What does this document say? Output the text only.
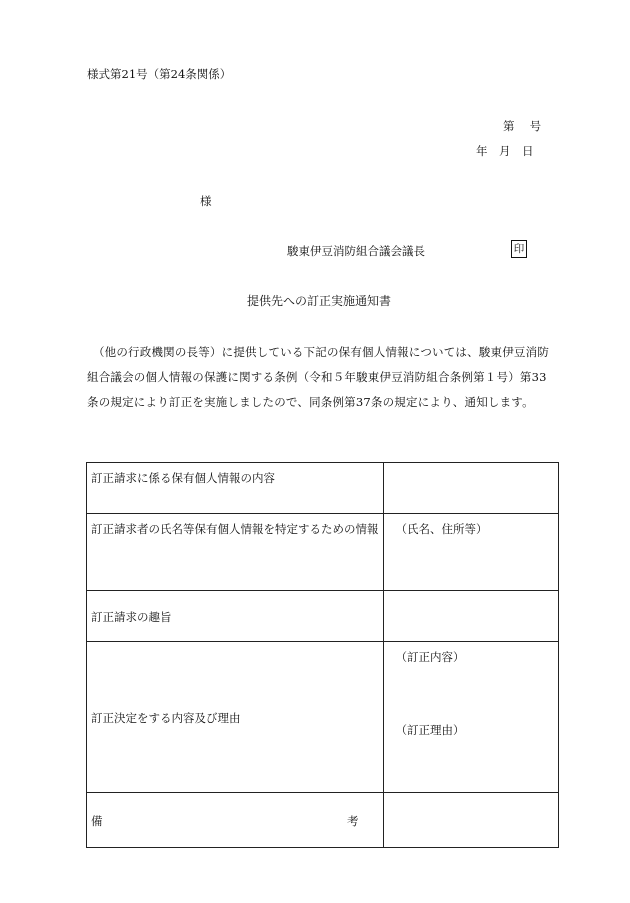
様式第21号（第24条関係）
第　 号
年　月　日
様
駿東伊豆消防組合議会議長	印
提供先への訂正実施通知書
　（他の行政機関の長等）に提供している下記の保有個人情報については、駿東伊豆消防組合議会の個人情報の保護に関する条例（令和５年駿東伊豆消防組合条例第１号）第33条の規定により訂正を実施しましたので、同条例第37条の規定により、通知します。
訂正請求に係る保有個人情報の内容	
訂正請求者の氏名等保有個人情報を特定するための情報	（氏名、住所等）
訂正請求の趣旨	
訂正決定をする内容及び理由	（訂正内容）
（訂正理由）

備 考	
